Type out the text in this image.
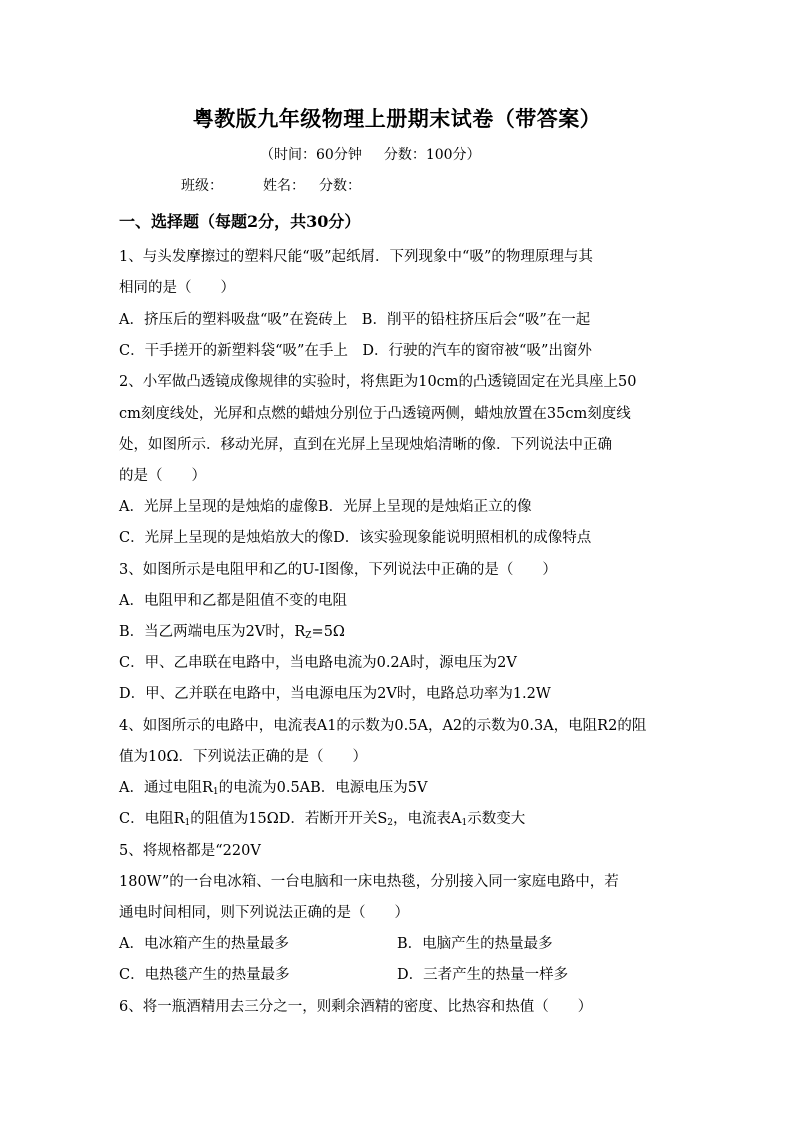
粤教版九年级物理上册期末试卷（带答案）
（时间：60分钟 分数：100分）
班级：	姓名： 分数：
一、选择题（每题2分，共30分）
1、与头发摩擦过的塑料尺能“吸”起纸屑．下列现象中“吸”的物理原理与其
相同的是（　　）
A．挤压后的塑料吸盘“吸”在瓷砖上　B．削平的铅柱挤压后会“吸”在一起
C．干手搓开的新塑料袋“吸”在手上　D．行驶的汽车的窗帘被“吸”出窗外
2、小军做凸透镜成像规律的实验时，将焦距为10cm的凸透镜固定在光具座上50
cm刻度线处，光屏和点燃的蜡烛分别位于凸透镜两侧，蜡烛放置在35cm刻度线
处，如图所示．移动光屏，直到在光屏上呈现烛焰清晰的像．下列说法中正确
的是（　　）
A．光屏上呈现的是烛焰的虚像B．光屏上呈现的是烛焰正立的像
C．光屏上呈现的是烛焰放大的像D．该实验现象能说明照相机的成像特点
3、如图所示是电阻甲和乙的U-I图像，下列说法中正确的是（　　）
A．电阻甲和乙都是阻值不变的电阻
B．当乙两端电压为2V时，$R_Z=5\Omega$
C．甲、乙串联在电路中，当电路电流为0.2A时，源电压为2V
D．甲、乙并联在电路中，当电源电压为2V时，电路总功率为1.2W
4、如图所示的电路中，电流表A1的示数为0.5A，A2的示数为0.3A，电阻R2的阻
值为10Ω．下列说法正确的是（　　）
A．通过电阻$R_1$的电流为0.5AB．电源电压为5V
C．电阻$R_1$的阻值为15ΩD．若断开开关$S_2$，电流表$A_1$示数变大
5、将规格都是“220V
180W”的一台电冰箱、一台电脑和一床电热毯，分别接入同一家庭电路中，若
通电时间相同，则下列说法正确的是（　　）
A．电冰箱产生的热量最多	B．电脑产生的热量最多
C．电热毯产生的热量最多	D．三者产生的热量一样多
6、将一瓶酒精用去三分之一，则剩余酒精的密度、比热容和热值（　　）
